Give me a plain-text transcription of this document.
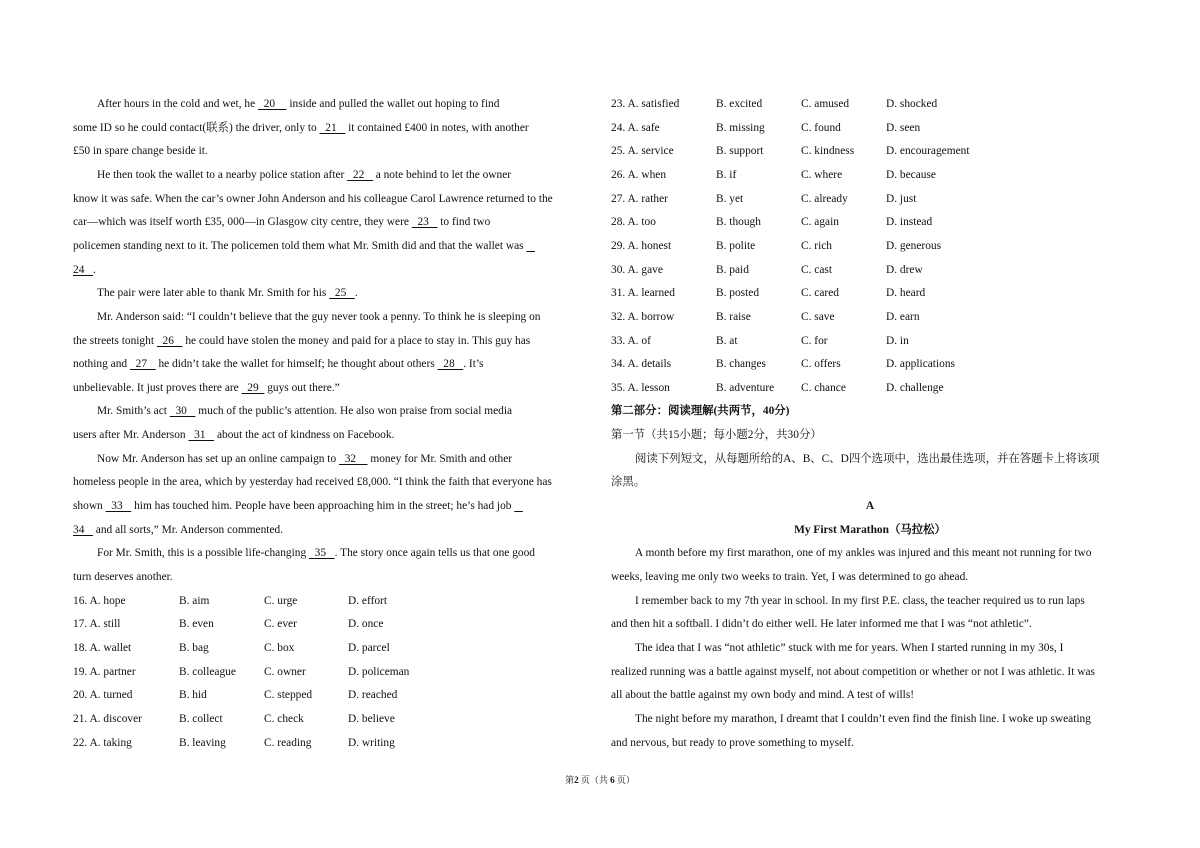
After hours in the cold and wet, he   20     inside and pulled the wallet out hoping to find
some ID so he could contact(联系) the driver, only to   21    it contained £400 in notes, with another
£50 in spare change beside it.
He then took the wallet to a nearby police station after   22    a note behind to let the owner
know it was safe. When the car’s owner John Anderson and his colleague Carol Lawrence returned to the
car—which was itself worth £35, 000—in Glasgow city centre, they were   23    to find two
policemen standing next to it. The policemen told them what Mr. Smith did and that the wallet was
24   .
The pair were later able to thank Mr. Smith for his   25   .
Mr. Anderson said: “I couldn’t believe that the guy never took a penny. To think he is sleeping on
the streets tonight   26    he could have stolen the money and paid for a place to stay in. This guy has
nothing and   27    he didn’t take the wallet for himself; he thought about others   28   . It’s
unbelievable. It just proves there are   29   guys out there.”
Mr. Smith’s act   30    much of the public’s attention. He also won praise from social media
users after Mr. Anderson   31    about the act of kindness on Facebook.
Now Mr. Anderson has set up an online campaign to   32     money for Mr. Smith and other
homeless people in the area, which by yesterday had received £8,000. “I think the faith that everyone has
shown   33    him has touched him. People have been approaching him in the street; he’s had job
34    and all sorts,” Mr. Anderson commented.
For Mr. Smith, this is a possible life-changing   35   . The story once again tells us that one good
turn deserves another.
16. A. hope	B. aim	C. urge	D. effort
17. A. still	B. even	C. ever	D. once
18. A. wallet	B. bag	C. box	D. parcel
19. A. partner	B. colleague C. owner	D. policeman
20. A. turned	B. hid	C. stepped	D. reached
21. A. discover	B. collect	C. check	D. believe
22. A. taking	B. leaving	C. reading	D. writing
23. A. satisfied	B. excited	C. amused	D. shocked
24. A. safe	B. missing	C. found	D. seen
25. A. service	B. support	C. kindness	D. encouragement
26. A. when	B. if	C. where	D. because
27. A. rather	B. yet	C. already	D. just
28. A. too	B. though	C. again	D. instead
29. A. honest	B. polite	C. rich	D. generous
30. A. gave	B. paid	C. cast	D. drew
31. A. learned	B. posted	C. cared	D. heard
32. A. borrow	B. raise	C. save	D. earn
33. A. of	B. at	C. for	D. in
34. A. details	B. changes	C. offers	D. applications
35. A. lesson	B. adventure C. chance	D. challenge
第二部分：阅读理解(共两节，40分)
第一节（共15小题；每小题2分，共30分）
阅读下列短文，从每题所给的A、B、C、D四个选项中，选出最佳选项，并在答题卡上将该项
涂黑。
A
My First Marathon（马拉松）
A month before my first marathon, one of my ankles was injured and this meant not running for two
weeks, leaving me only two weeks to train. Yet, I was determined to go ahead.
I remember back to my 7th year in school. In my first P.E. class, the teacher required us to run laps
and then hit a softball. I didn’t do either well. He later informed me that I was “not athletic”.
The idea that I was “not athletic” stuck with me for years. When I started running in my 30s, I
realized running was a battle against myself, not about competition or whether or not I was athletic. It was
all about the battle against my own body and mind. A test of wills!
The night before my marathon, I dreamt that I couldn’t even find the finish line. I woke up sweating
and nervous, but ready to prove something to myself.
第2 页（共 6 页）
